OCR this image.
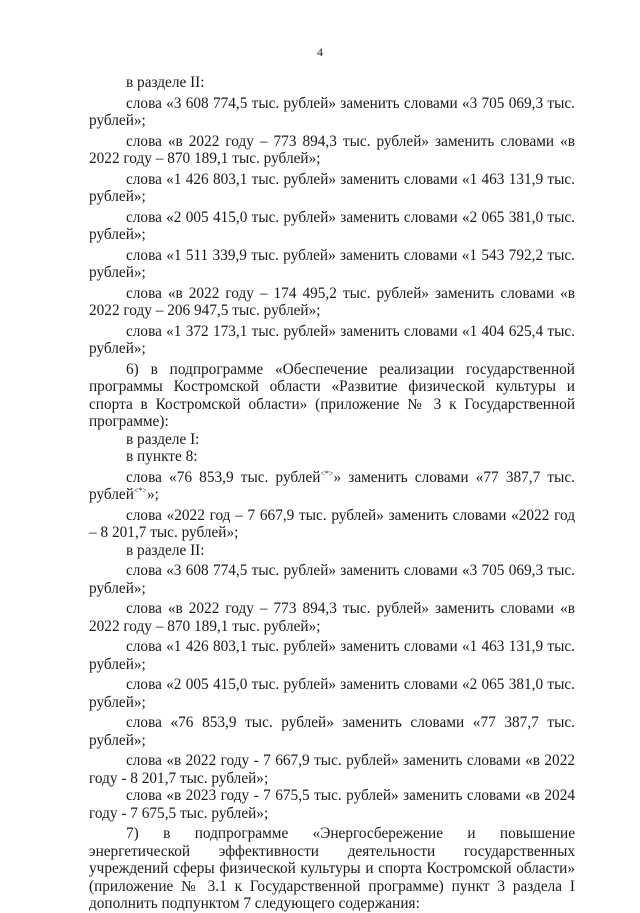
4

в разделе II:

слова «3 608 774,5 тыс. рублей» заменить словами «3 705 069,3 тыс. рублей»;

слова «в 2022 году – 773 894,3 тыс. рублей» заменить словами «в 2022 году – 870 189,1 тыс. рублей»;

слова «1 426 803,1 тыс. рублей» заменить словами «1 463 131,9 тыс. рублей»;

слова «2 005 415,0 тыс. рублей» заменить словами «2 065 381,0 тыс. рублей»;

слова «1 511 339,9 тыс. рублей» заменить словами «1 543 792,2 тыс. рублей»;

слова «в 2022 году – 174 495,2 тыс. рублей» заменить словами «в 2022 году – 206 947,5 тыс. рублей»;

слова «1 372 173,1 тыс. рублей» заменить словами «1 404 625,4 тыс. рублей»;

6) в подпрограмме «Обеспечение реализации государственной программы Костромской области «Развитие физической культуры и спорта в Костромской области» (приложение № 3 к Государственной программе):

в разделе I:

в пункте 8:

слова «76 853,9 тыс. рублей<*>» заменить словами «77 387,7 тыс. рублей<*>»;

слова «2022 год – 7 667,9 тыс. рублей» заменить словами «2022 год – 8 201,7 тыс. рублей»;

в разделе II:

слова «3 608 774,5 тыс. рублей» заменить словами «3 705 069,3 тыс. рублей»;

слова «в 2022 году – 773 894,3 тыс. рублей» заменить словами «в 2022 году – 870 189,1 тыс. рублей»;

слова «1 426 803,1 тыс. рублей» заменить словами «1 463 131,9 тыс. рублей»;

слова «2 005 415,0 тыс. рублей» заменить словами «2 065 381,0 тыс. рублей»;

слова «76 853,9 тыс. рублей» заменить словами «77 387,7 тыс. рублей»;

слова «в 2022 году - 7 667,9 тыс. рублей» заменить словами «в 2022 году - 8 201,7 тыс. рублей»;

слова «в 2023 году - 7 675,5 тыс. рублей» заменить словами «в 2024 году - 7 675,5 тыс. рублей»;

7) в подпрограмме «Энергосбережение и повышение энергетической эффективности деятельности государственных учреждений сферы физической культуры и спорта Костромской области» (приложение № 3.1 к Государственной программе) пункт 3 раздела I дополнить подпунктом 7 следующего содержания:
